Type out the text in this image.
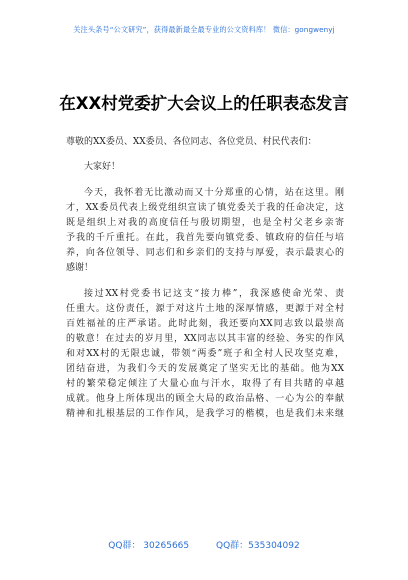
关注头条号“公文研究”，获得最新最全最专业的公文资料库！ 微信：gongwenyj
在XX村党委扩大会议上的任职表态发言
尊敬的XX委员、XX委员、各位同志、各位党员、村民代表们：
大家好！
今天，我怀着无比激动而又十分郑重的心情，站在这里。刚
才，XX委员代表上级党组织宣读了镇党委关于我的任命决定，这
既是组织上对我的高度信任与殷切期望，也是全村父老乡亲寄
予我的千斤重托。在此，我首先要向镇党委、镇政府的信任与培
养，向各位领导、同志们和乡亲们的支持与厚爱，表示最衷心的
感谢！
接过XX村党委书记这支“接力棒”，我深感使命光荣、责
任重大。这份责任，源于对这片土地的深厚情感，更源于对全村
百姓福祉的庄严承诺。此时此刻，我还要向XX同志致以最崇高
的敬意！在过去的岁月里，XX同志以其丰富的经验、务实的作风
和对XX村的无限忠诚，带领“两委”班子和全村人民攻坚克难，
团结奋进，为我们今天的发展奠定了坚实无比的基础。他为XX
村的繁荣稳定倾注了大量心血与汗水，取得了有目共睹的卓越
成就。他身上所体现出的顾全大局的政治品格、一心为公的奉献
精神和扎根基层的工作作风，是我学习的楷模，也是我们未来继
QQ群： 30265665	QQ群：535304092
